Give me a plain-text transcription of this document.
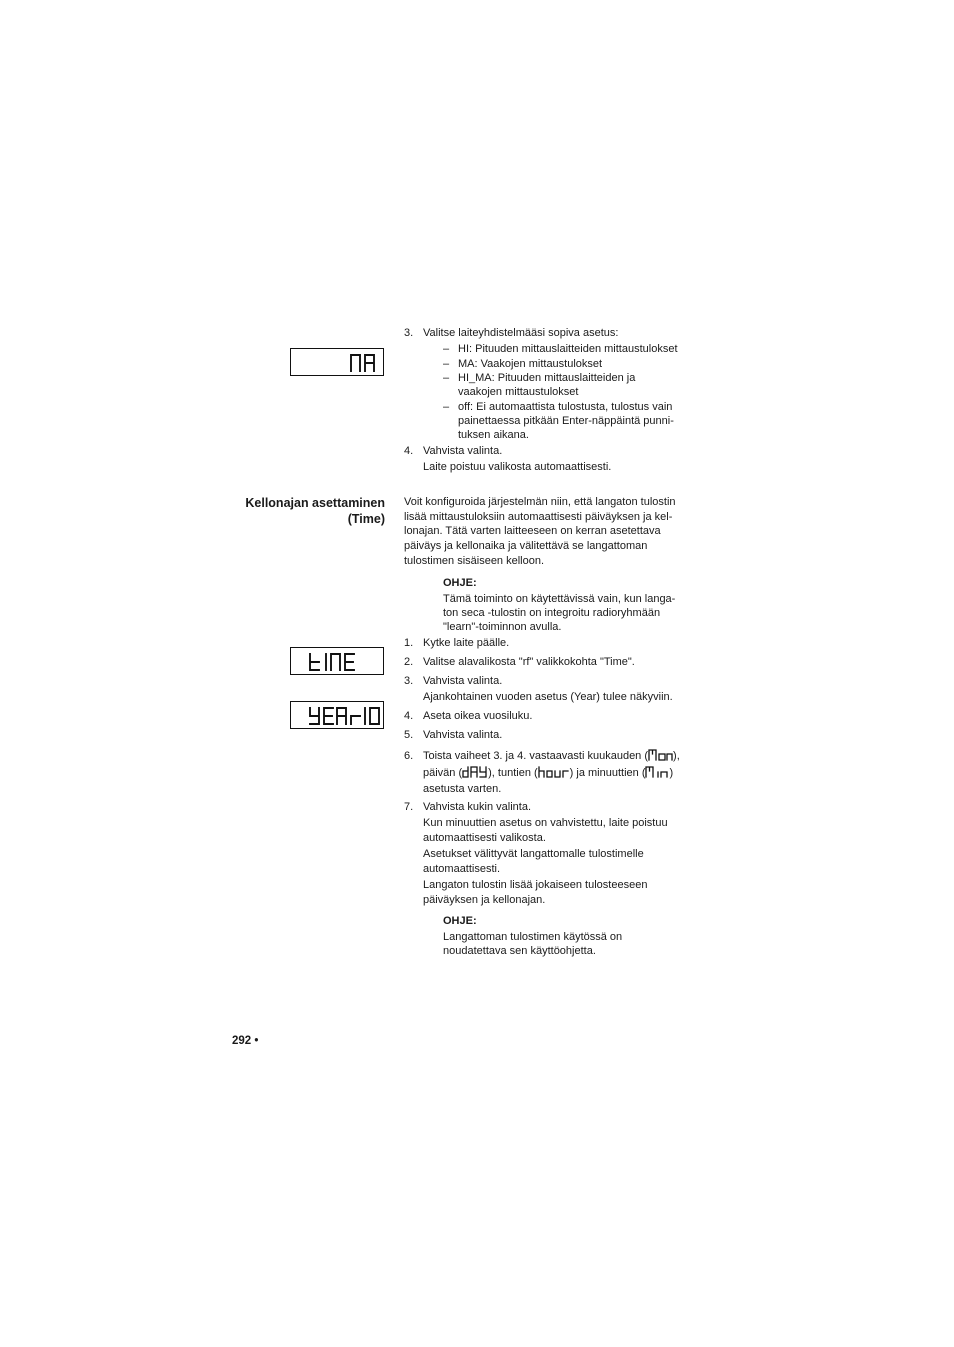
3. Valitse laiteyhdistelmääsi sopiva asetus:
– HI: Pituuden mittauslaitteiden mittaustulokset
– MA: Vaakojen mittaustulokset
– HI_MA: Pituuden mittauslaitteiden ja
vaakojen mittaustulokset
– off: Ei automaattista tulostusta, tulostus vain
painettaessa pitkään Enter-näppäintä punni-
tuksen aikana.
4. Vahvista valinta.
Laite poistuu valikosta automaattisesti.
Kellonajan asettaminen
(Time)
Voit konfiguroida järjestelmän niin, että langaton tulostin
lisää mittaustuloksiin automaattisesti päiväyksen ja kel-
lonajan. Tätä varten laitteeseen on kerran asetettava
päiväys ja kellonaika ja välitettävä se langattoman
tulostimen sisäiseen kelloon.
OHJE:
Tämä toiminto on käytettävissä vain, kun langa-
ton seca -tulostin on integroitu radioryhmään
"learn"-toiminnon avulla.
1. Kytke laite päälle.
2. Valitse alavalikosta "rf" valikkokohta "Time".
3. Vahvista valinta.
Ajankohtainen vuoden asetus (Year) tulee näkyviin.
4. Aseta oikea vuosiluku.
5. Vahvista valinta.
6. Toista vaiheet 3. ja 4. vastaavasti kuukauden ( ),
päivän ( ), tuntien (	) ja minuuttien ( )
asetusta varten.
7. Vahvista kukin valinta.
Kun minuuttien asetus on vahvistettu, laite poistuu
automaattisesti valikosta.
Asetukset välittyvät langattomalle tulostimelle
automaattisesti.
Langaton tulostin lisää jokaiseen tulosteeseen
päiväyksen ja kellonajan.
OHJE:
Langattoman tulostimen käytössä on
noudatettava sen käyttöohjetta.
292 •
